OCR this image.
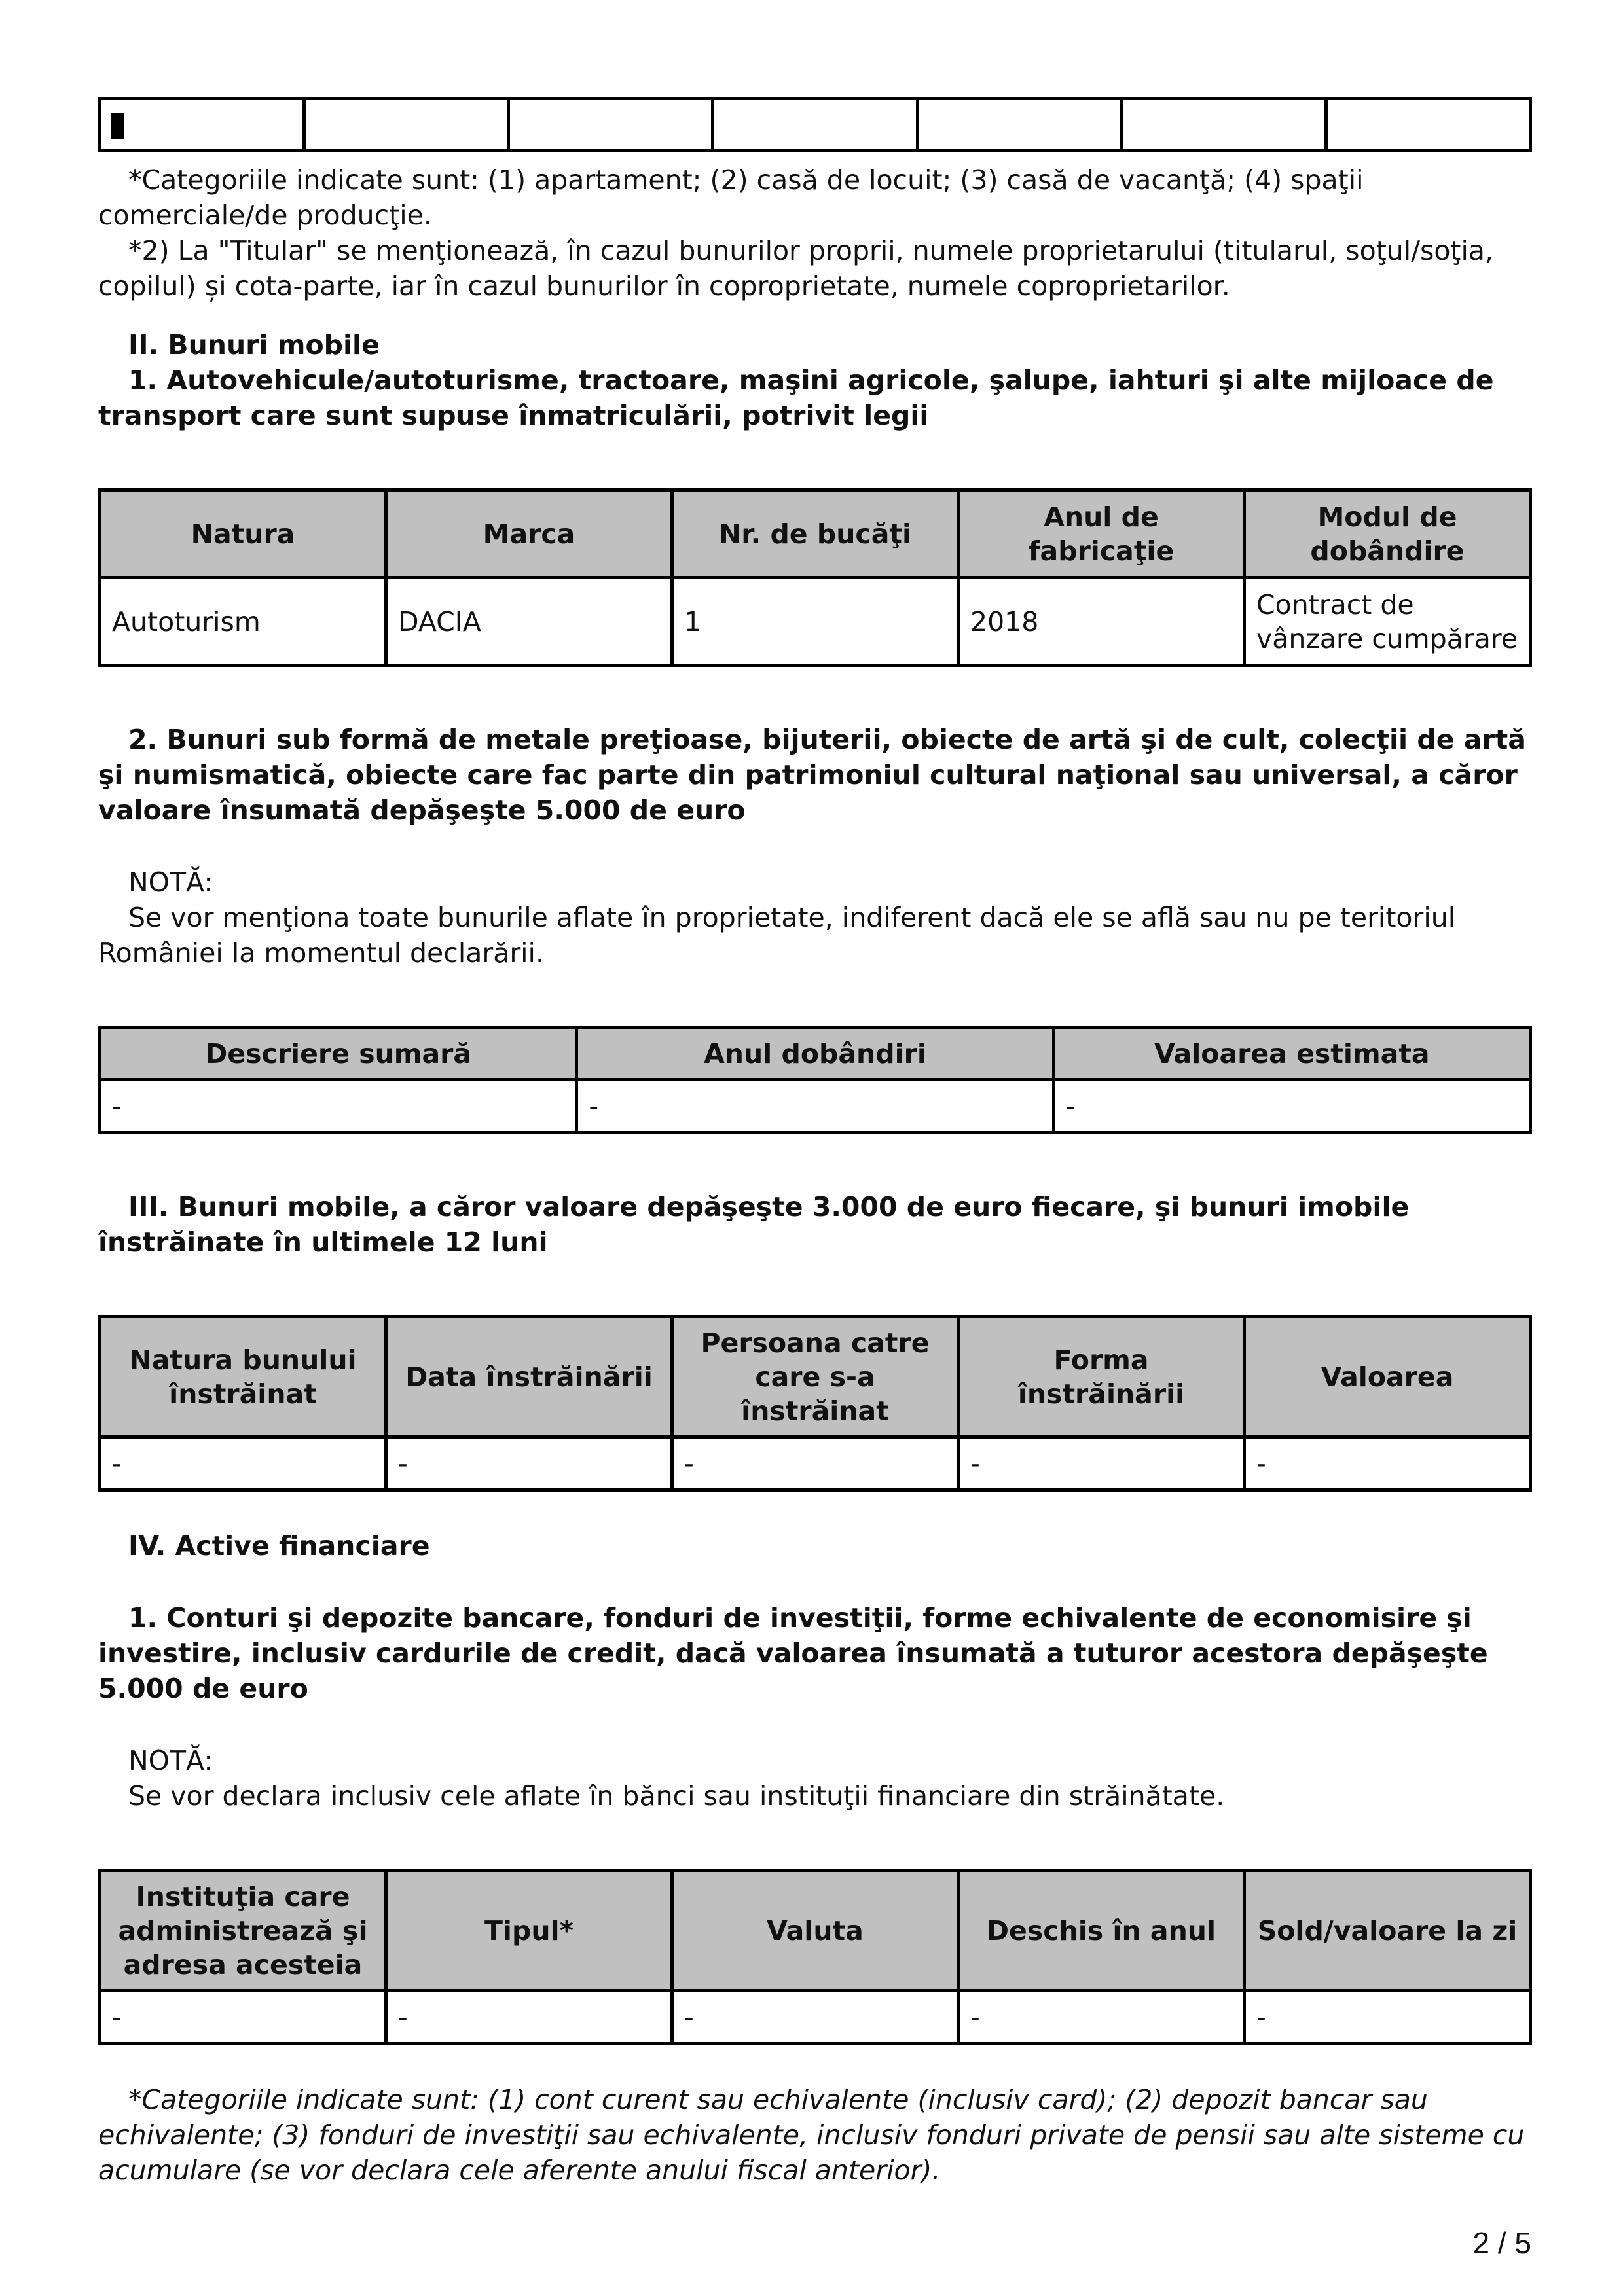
*Categoriile indicate sunt: (1) apartament; (2) casă de locuit; (3) casă de vacanţă; (4) spaţii comerciale/de producţie.

*2) La "Titular" se menţionează, în cazul bunurilor proprii, numele proprietarului (titularul, soţul/soţia, copilul) și cota-parte, iar în cazul bunurilor în coproprietate, numele coproprietarilor.

II. Bunuri mobile

1. Autovehicule/autoturisme, tractoare, maşini agricole, şalupe, iahturi şi alte mijloace de transport care sunt supuse înmatriculării, potrivit legii

Natura	Marca	Nr. de bucăţi	Anul de fabricaţie	Modul de dobândire
Autoturism	DACIA	1	2018	Contract de vânzare cumpărare

2. Bunuri sub formă de metale preţioase, bijuterii, obiecte de artă şi de cult, colecţii de artă şi numismatică, obiecte care fac parte din patrimoniul cultural naţional sau universal, a căror valoare însumată depăşeşte 5.000 de euro

NOTĂ:

Se vor menţiona toate bunurile aflate în proprietate, indiferent dacă ele se află sau nu pe teritoriul României la momentul declarării.

Descriere sumară	Anul dobândiri	Valoarea estimata
-	-	-

III. Bunuri mobile, a căror valoare depăşeşte 3.000 de euro fiecare, şi bunuri imobile înstrăinate în ultimele 12 luni

Natura bunului înstrăinat	Data înstrăinării	Persoana catre care s-a înstrăinat	Forma înstrăinării	Valoarea
-	-	-	-	-

IV. Active financiare

1. Conturi şi depozite bancare, fonduri de investiţii, forme echivalente de economisire şi investire, inclusiv cardurile de credit, dacă valoarea însumată a tuturor acestora depăşeşte 5.000 de euro

NOTĂ:

Se vor declara inclusiv cele aflate în bănci sau instituţii financiare din străinătate.

Instituţia care administrează şi adresa acesteia	Tipul*	Valuta	Deschis în anul	Sold/valoare la zi
-	-	-	-	-

*Categoriile indicate sunt: (1) cont curent sau echivalente (inclusiv card); (2) depozit bancar sau echivalente; (3) fonduri de investiţii sau echivalente, inclusiv fonduri private de pensii sau alte sisteme cu acumulare (se vor declara cele aferente anului fiscal anterior).

2 / 5
